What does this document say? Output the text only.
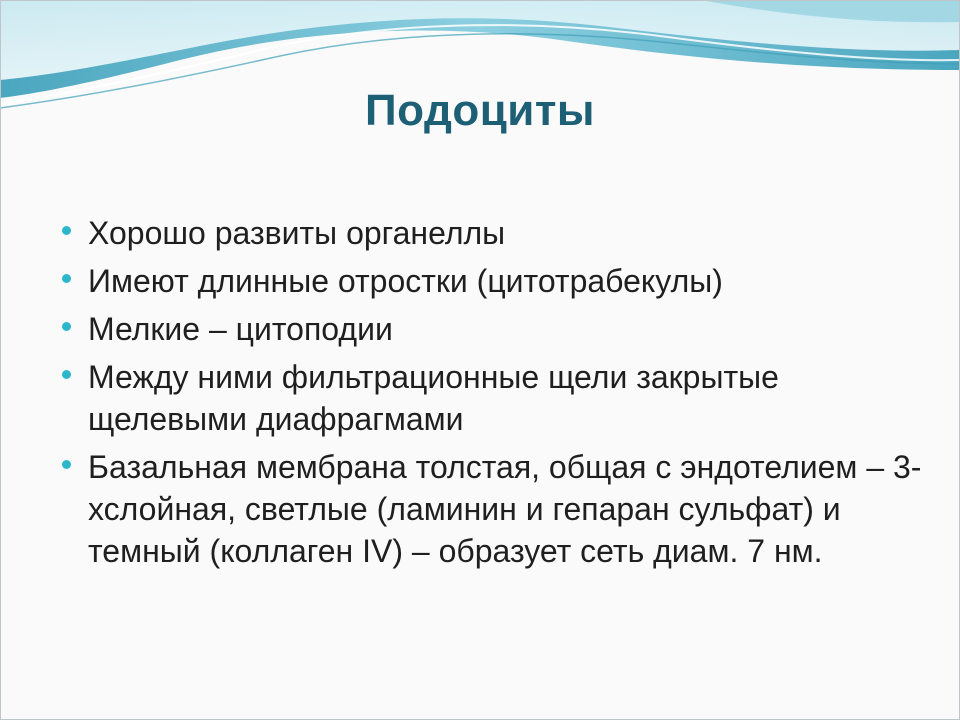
Подоциты
Хорошо развиты органеллы
Имеют длинные отростки (цитотрабекулы)
Мелкие – цитоподии
Между ними фильтрационные щели закрытые щелевыми диафрагмами
Базальная мембрана толстая, общая с эндотелием – 3-хслойная, светлые (ламинин и гепаран сульфат) и темный (коллаген IV) – образует сеть диам. 7 нм.
